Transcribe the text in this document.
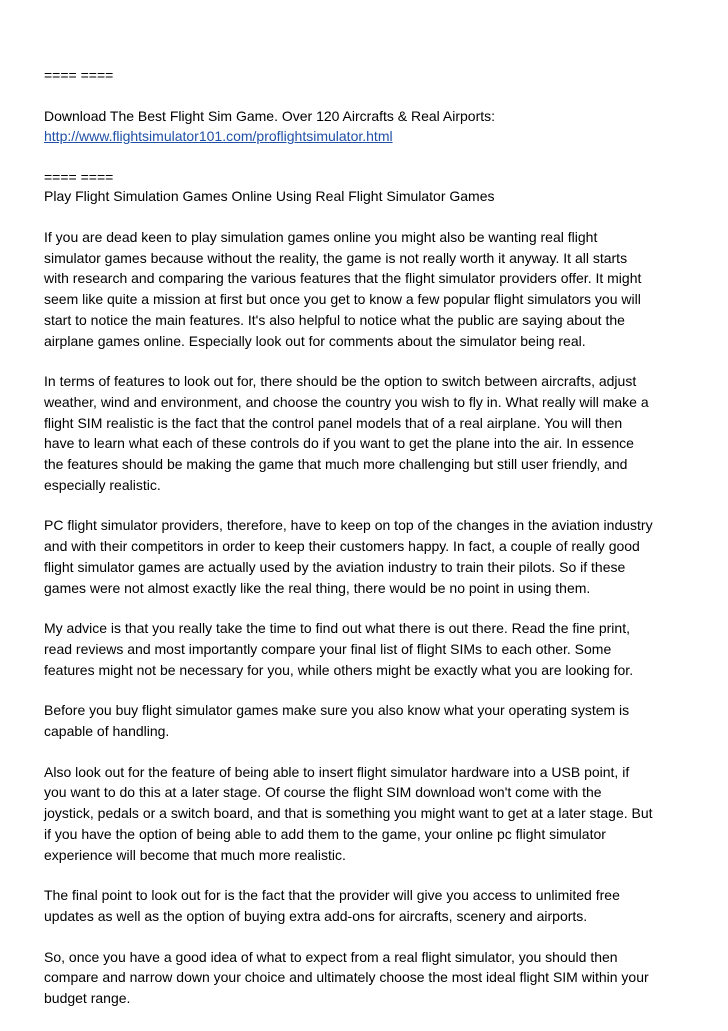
==== ====
Download The Best Flight Sim Game. Over 120 Aircrafts & Real Airports:
http://www.flightsimulator101.com/proflightsimulator.html
==== ====
Play Flight Simulation Games Online Using Real Flight Simulator Games

If you are dead keen to play simulation games online you might also be wanting real flight
simulator games because without the reality, the game is not really worth it anyway. It all starts
with research and comparing the various features that the flight simulator providers offer. It might
seem like quite a mission at first but once you get to know a few popular flight simulators you will
start to notice the main features. It's also helpful to notice what the public are saying about the
airplane games online. Especially look out for comments about the simulator being real.

In terms of features to look out for, there should be the option to switch between aircrafts, adjust
weather, wind and environment, and choose the country you wish to fly in. What really will make a
flight SIM realistic is the fact that the control panel models that of a real airplane. You will then
have to learn what each of these controls do if you want to get the plane into the air. In essence
the features should be making the game that much more challenging but still user friendly, and
especially realistic.

PC flight simulator providers, therefore, have to keep on top of the changes in the aviation industry
and with their competitors in order to keep their customers happy. In fact, a couple of really good
flight simulator games are actually used by the aviation industry to train their pilots. So if these
games were not almost exactly like the real thing, there would be no point in using them.

My advice is that you really take the time to find out what there is out there. Read the fine print,
read reviews and most importantly compare your final list of flight SIMs to each other. Some
features might not be necessary for you, while others might be exactly what you are looking for.

Before you buy flight simulator games make sure you also know what your operating system is
capable of handling.

Also look out for the feature of being able to insert flight simulator hardware into a USB point, if
you want to do this at a later stage. Of course the flight SIM download won't come with the
joystick, pedals or a switch board, and that is something you might want to get at a later stage. But
if you have the option of being able to add them to the game, your online pc flight simulator
experience will become that much more realistic.

The final point to look out for is the fact that the provider will give you access to unlimited free
updates as well as the option of buying extra add-ons for aircrafts, scenery and airports.

So, once you have a good idea of what to expect from a real flight simulator, you should then
compare and narrow down your choice and ultimately choose the most ideal flight SIM within your
budget range.
